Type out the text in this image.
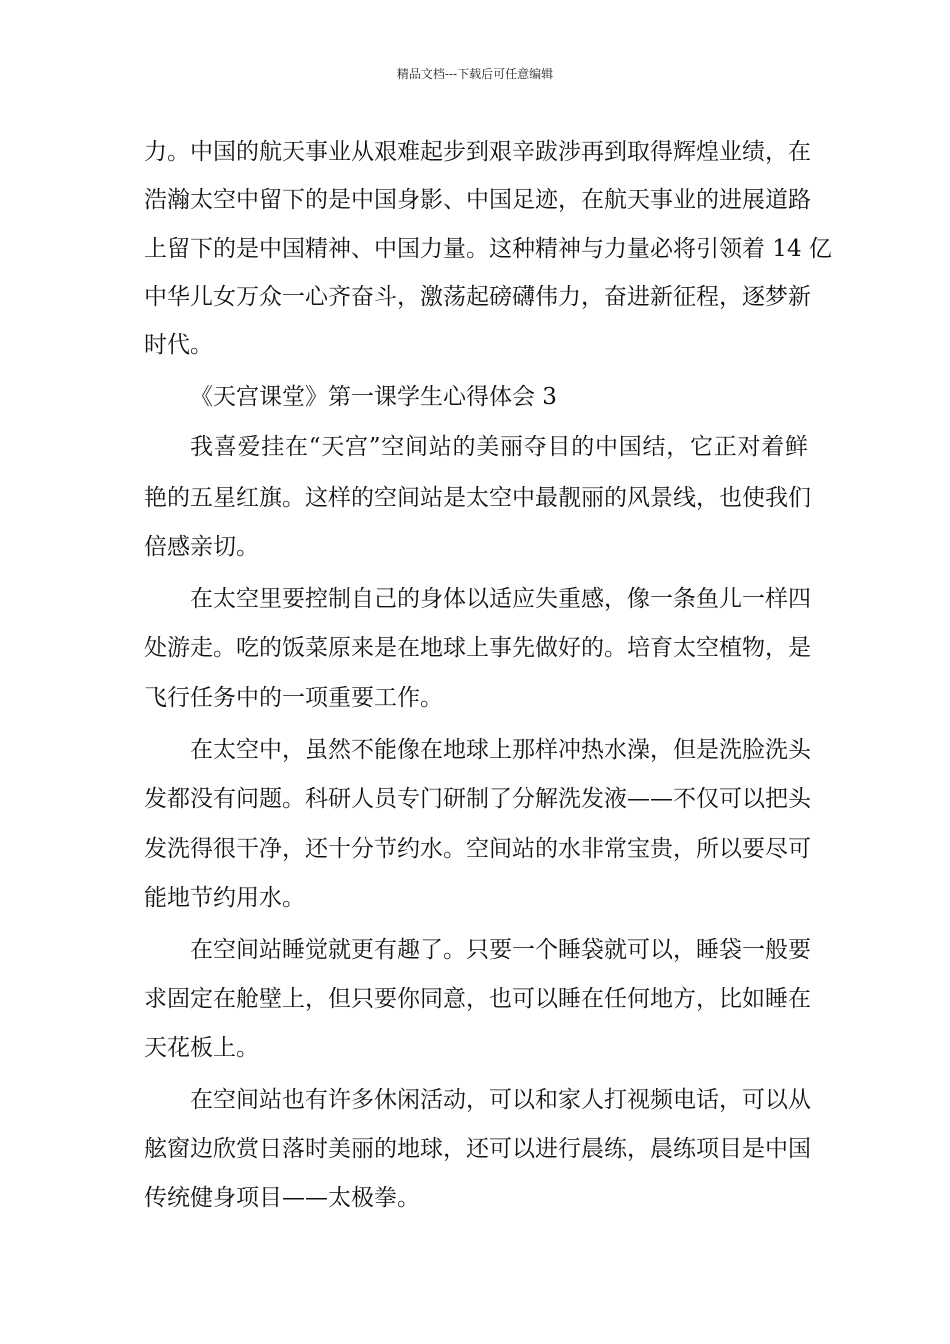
精品文档---下载后可任意编辑
力。中国的航天事业从艰难起步到艰辛跋涉再到取得辉煌业绩，在
浩瀚太空中留下的是中国身影、中国足迹，在航天事业的进展道路
上留下的是中国精神、中国力量。这种精神与力量必将引领着 14 亿
中华儿女万众一心齐奋斗，激荡起磅礴伟力，奋进新征程，逐梦新
时代。
《天宫课堂》第一课学生心得体会 3
我喜爱挂在“天宫”空间站的美丽夺目的中国结，它正对着鲜
艳的五星红旗。这样的空间站是太空中最靓丽的风景线，也使我们
倍感亲切。
在太空里要控制自己的身体以适应失重感，像一条鱼儿一样四
处游走。吃的饭菜原来是在地球上事先做好的。培育太空植物，是
飞行任务中的一项重要工作。
在太空中，虽然不能像在地球上那样冲热水澡，但是洗脸洗头
发都没有问题。科研人员专门研制了分解洗发液——不仅可以把头
发洗得很干净，还十分节约水。空间站的水非常宝贵，所以要尽可
能地节约用水。
在空间站睡觉就更有趣了。只要一个睡袋就可以，睡袋一般要
求固定在舱壁上，但只要你同意，也可以睡在任何地方，比如睡在
天花板上。
在空间站也有许多休闲活动，可以和家人打视频电话，可以从
舷窗边欣赏日落时美丽的地球，还可以进行晨练，晨练项目是中国
传统健身项目——太极拳。
